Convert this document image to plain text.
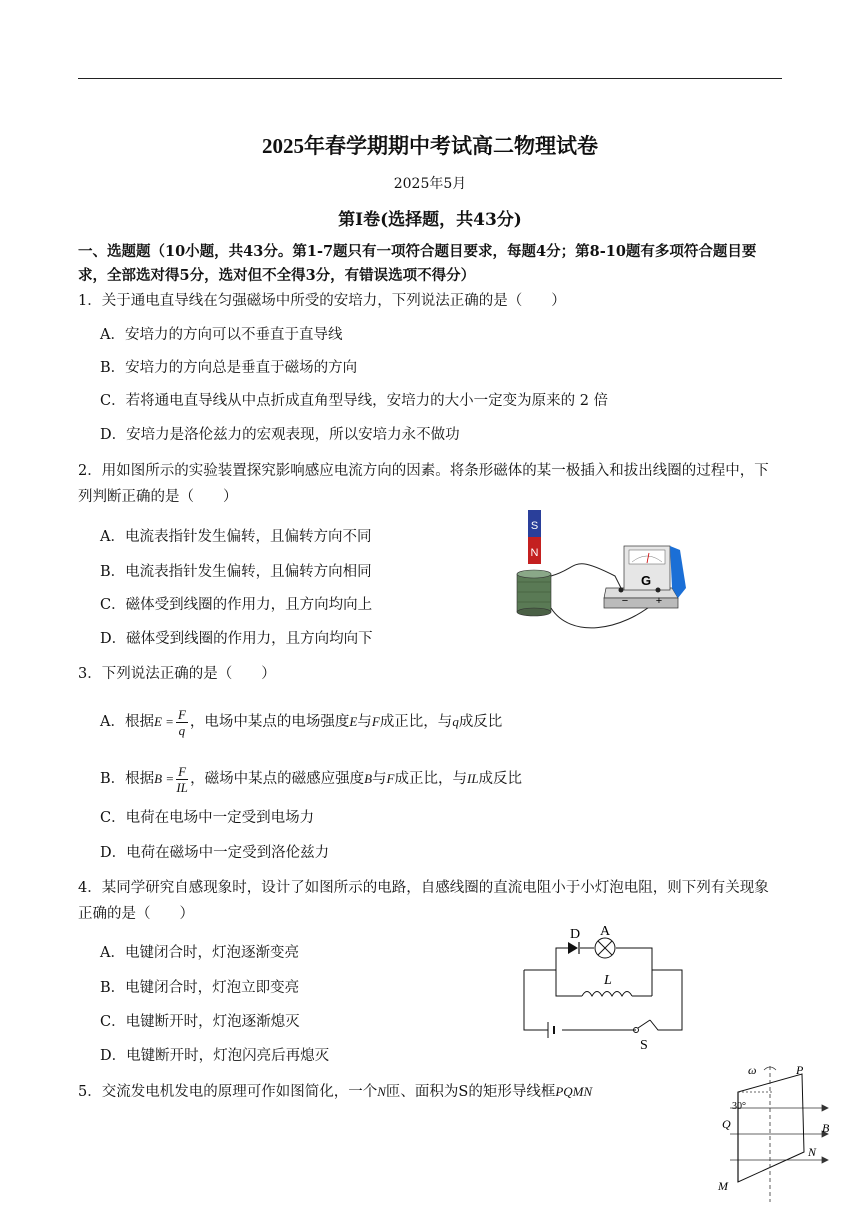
2025年春学期期中考试高二物理试卷
2025年5月
第Ⅰ卷(选择题，共43分)
一、选题题（10小题，共43分。第1-7题只有一项符合题目要求，每题4分；第8-10题有多项符合题目要求，全部选对得5分，选对但不全得3分，有错误选项不得分）
1．关于通电直导线在匀强磁场中所受的安培力，下列说法正确的是（　　）
A．安培力的方向可以不垂直于直导线
B．安培力的方向总是垂直于磁场的方向
C．若将通电直导线从中点折成直角型导线，安培力的大小一定变为原来的 2 倍
D．安培力是洛伦兹力的宏观表现，所以安培力永不做功
2．用如图所示的实验装置探究影响感应电流方向的因素。将条形磁体的某一极插入和拔出线圈的过程中，下列判断正确的是（　　）
A．电流表指针发生偏转，且偏转方向不同
B．电流表指针发生偏转，且偏转方向相同
C．磁体受到线圈的作用力，且方向均向上
D．磁体受到线圈的作用力，且方向均向下
S
N
G
−	+
3．下列说法正确的是（　　）
A．根据$E = \frac{F}{q}$ ，电场中某点的电场强度E与F成正比，与q成反比
B．根据$B = \frac{F}{IL}$ ，磁场中某点的磁感应强度B与F成正比，与IL成反比
C．电荷在电场中一定受到电场力
D．电荷在磁场中一定受到洛伦兹力
4．某同学研究自感现象时，设计了如图所示的电路，自感线圈的直流电阻小于小灯泡电阻，则下列有关现象正确的是（　　）
A．电键闭合时，灯泡逐渐变亮
B．电键闭合时，灯泡立即变亮
C．电键断开时，灯泡逐渐熄灭
D．电键断开时，灯泡闪亮后再熄灭
D A
L
S
5．交流发电机发电的原理可作如图简化，一个N匝、面积为S的矩形导线框PQMN
ω
30°
P
Q	B
N
M
